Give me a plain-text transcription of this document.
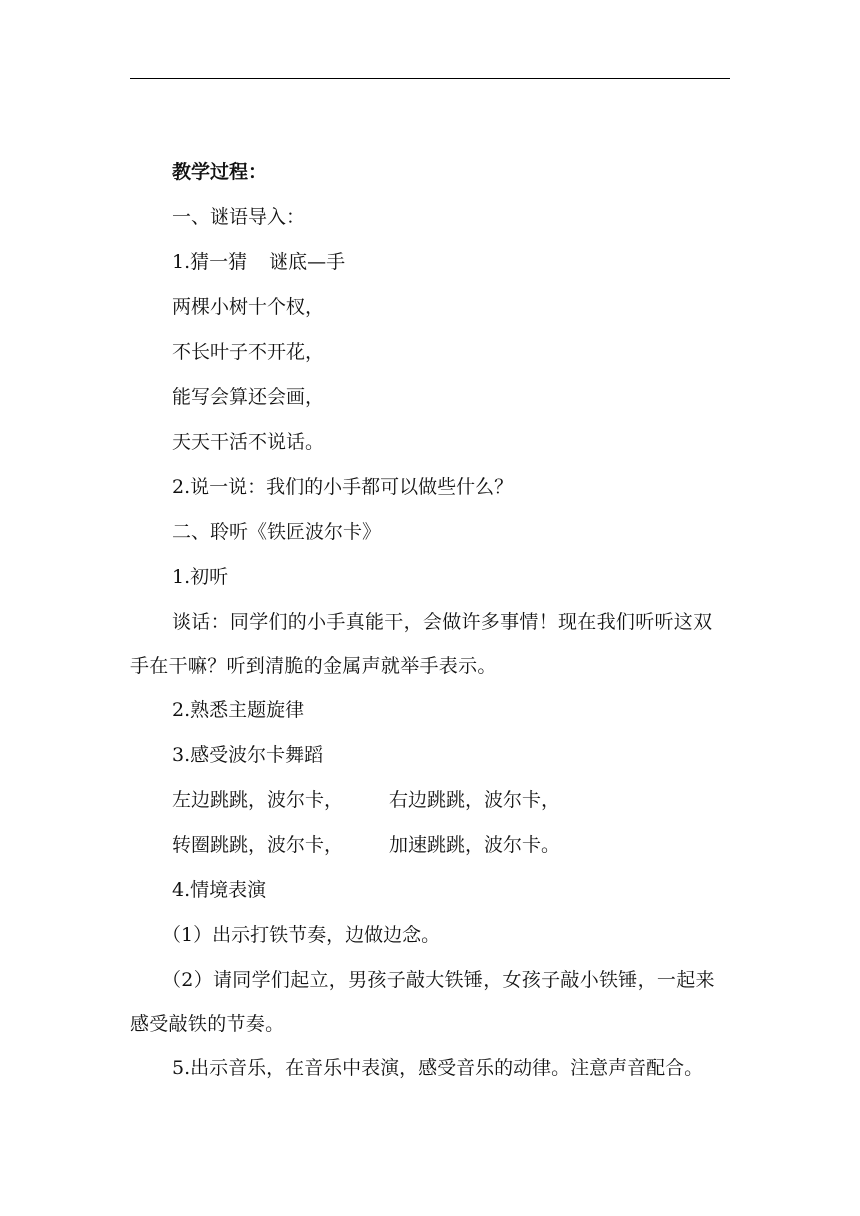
教学过程：
一、谜语导入：
1.猜一猜 谜底—手
两棵小树十个杈，
不长叶子不开花，
能写会算还会画，
天天干活不说话。
2.说一说：我们的小手都可以做些什么？
二、聆听《铁匠波尔卡》
1.初听
谈话：同学们的小手真能干，会做许多事情！现在我们听听这双手在干嘛？听到清脆的金属声就举手表示。
2.熟悉主题旋律
3.感受波尔卡舞蹈
左边跳跳，波尔卡， 右边跳跳，波尔卡，
转圈跳跳，波尔卡， 加速跳跳，波尔卡。
4.情境表演
（1）出示打铁节奏，边做边念。
（2）请同学们起立，男孩子敲大铁锤，女孩子敲小铁锤，一起来感受敲铁的节奏。
5.出示音乐，在音乐中表演，感受音乐的动律。注意声音配合。
